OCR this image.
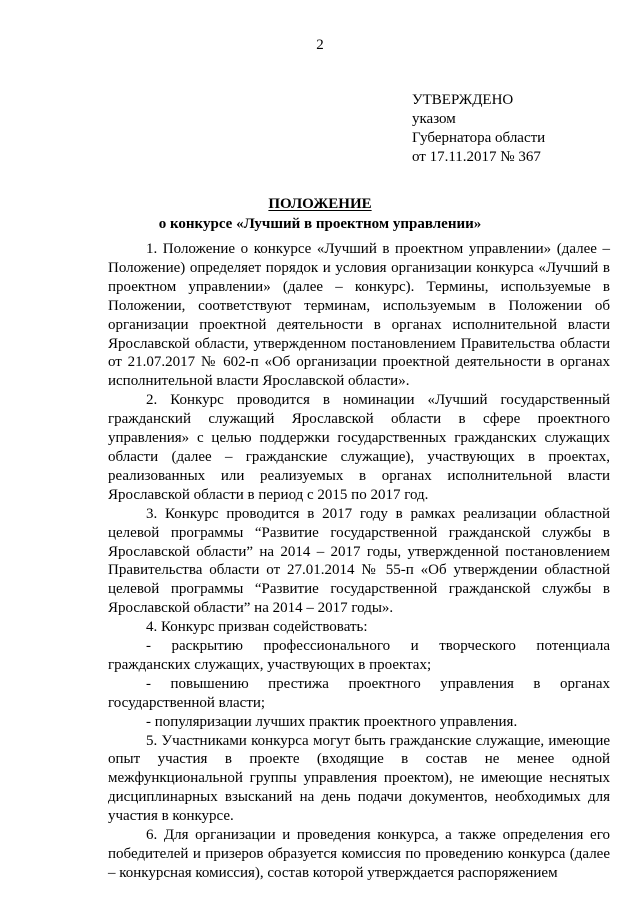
2
УТВЕРЖДЕНО
указом
Губернатора области
от 17.11.2017 № 367
ПОЛОЖЕНИЕ
о конкурсе «Лучший в проектном управлении»

1. Положение о конкурсе «Лучший в проектном управлении» (далее – Положение) определяет порядок и условия организации конкурса «Лучший в проектном управлении» (далее – конкурс). Термины, используемые в Положении, соответствуют терминам, используемым в Положении об организации проектной деятельности в органах исполнительной власти Ярославской области, утвержденном постановлением Правительства области от 21.07.2017 № 602-п «Об организации проектной деятельности в органах исполнительной власти Ярославской области».

2. Конкурс проводится в номинации «Лучший государственный гражданский служащий Ярославской области в сфере проектного управления» с целью поддержки государственных гражданских служащих области (далее – гражданские служащие), участвующих в проектах, реализованных или реализуемых в органах исполнительной власти Ярославской области в период с 2015 по 2017 год.

3. Конкурс проводится в 2017 году в рамках реализации областной целевой программы “Развитие государственной гражданской службы в Ярославской области” на 2014 – 2017 годы, утвержденной постановлением Правительства области от 27.01.2014 № 55-п «Об утверждении областной целевой программы “Развитие государственной гражданской службы в Ярославской области” на 2014 – 2017 годы».

4. Конкурс призван содействовать:

- раскрытию профессионального и творческого потенциала гражданских служащих, участвующих в проектах;

- повышению престижа проектного управления в органах государственной власти;

- популяризации лучших практик проектного управления.

5. Участниками конкурса могут быть гражданские служащие, имеющие опыт участия в проекте (входящие в состав не менее одной межфункциональной группы управления проектом), не имеющие неснятых дисциплинарных взысканий на день подачи документов, необходимых для участия в конкурсе.

6. Для организации и проведения конкурса, а также определения его победителей и призеров образуется комиссия по проведению конкурса (далее – конкурсная комиссия), состав которой утверждается распоряжением
